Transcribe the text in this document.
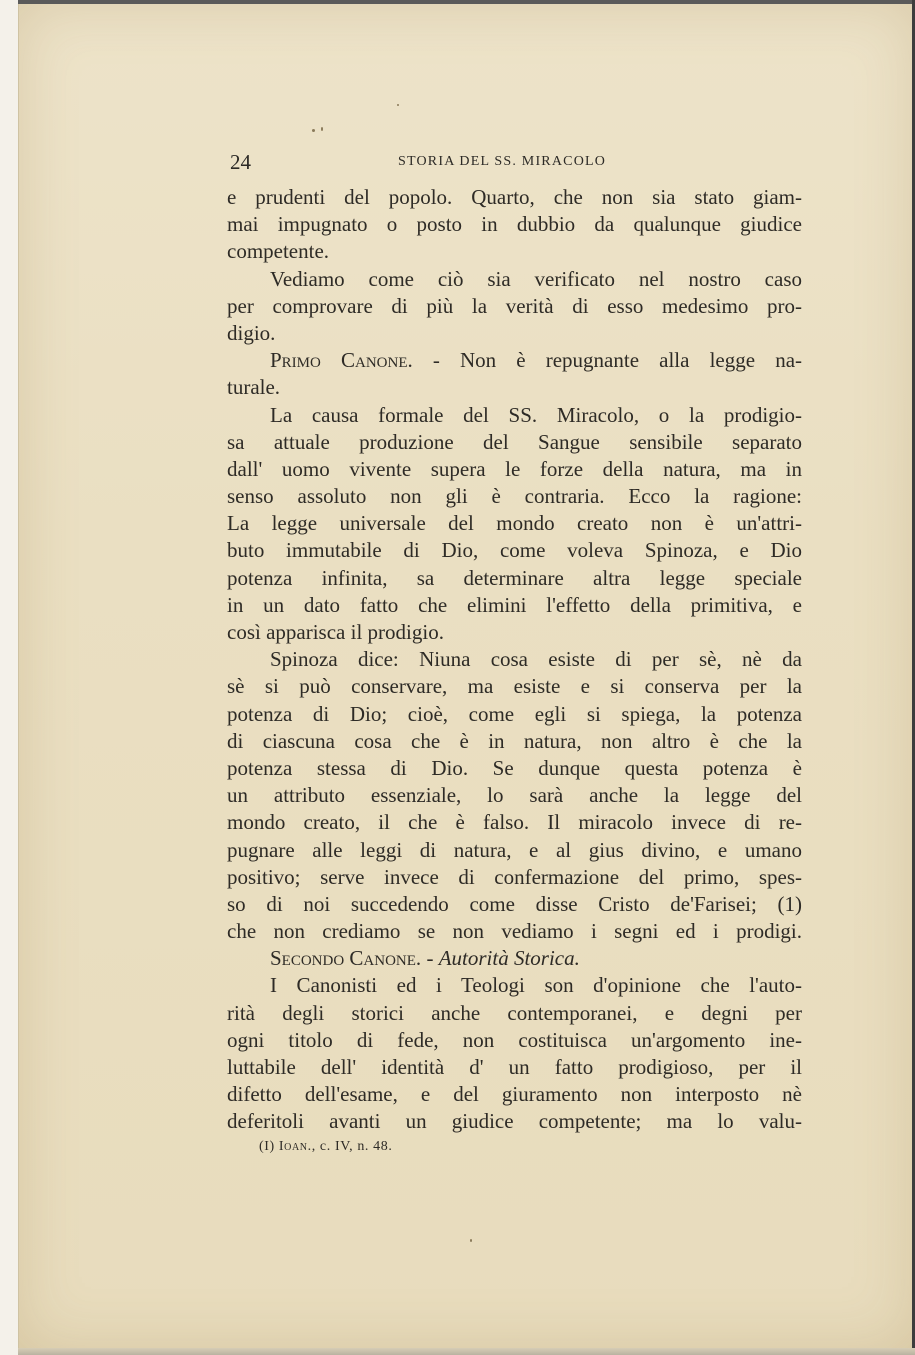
24	STORIA DEL SS. MIRACOLO
e prudenti del popolo. Quarto, che non sia stato giam-
mai impugnato o posto in dubbio da qualunque giudice
competente.
Vediamo come ciò sia verificato nel nostro caso
per comprovare di più la verità di esso medesimo pro-
digio.
Primo Canone. - Non è repugnante alla legge na-
turale.
La causa formale del SS. Miracolo, o la prodigio-
sa attuale produzione del Sangue sensibile separato
dall' uomo vivente supera le forze della natura, ma in
senso assoluto non gli è contraria. Ecco la ragione:
La legge universale del mondo creato non è un'attri-
buto immutabile di Dio, come voleva Spinoza, e Dio
potenza infinita, sa determinare altra legge speciale
in un dato fatto che elimini l'effetto della primitiva, e
così apparisca il prodigio.
Spinoza dice: Niuna cosa esiste di per sè, nè da
sè si può conservare, ma esiste e si conserva per la
potenza di Dio; cioè, come egli si spiega, la potenza
di ciascuna cosa che è in natura, non altro è che la
potenza stessa di Dio. Se dunque questa potenza è
un attributo essenziale, lo sarà anche la legge del
mondo creato, il che è falso. Il miracolo invece di re-
pugnare alle leggi di natura, e al gius divino, e umano
positivo; serve invece di confermazione del primo, spes-
so di noi succedendo come disse Cristo de'Farisei; (1)
che non crediamo se non vediamo i segni ed i prodigi.
Secondo Canone. - Autorità Storica.
I Canonisti ed i Teologi son d'opinione che l'auto-
rità degli storici anche contemporanei, e degni per
ogni titolo di fede, non costituisca un'argomento ine-
luttabile dell' identità d' un fatto prodigioso, per il
difetto dell'esame, e del giuramento non interposto nè
deferitoli avanti un giudice competente; ma lo valu-
(I) Ioan., c. IV, n. 48.
